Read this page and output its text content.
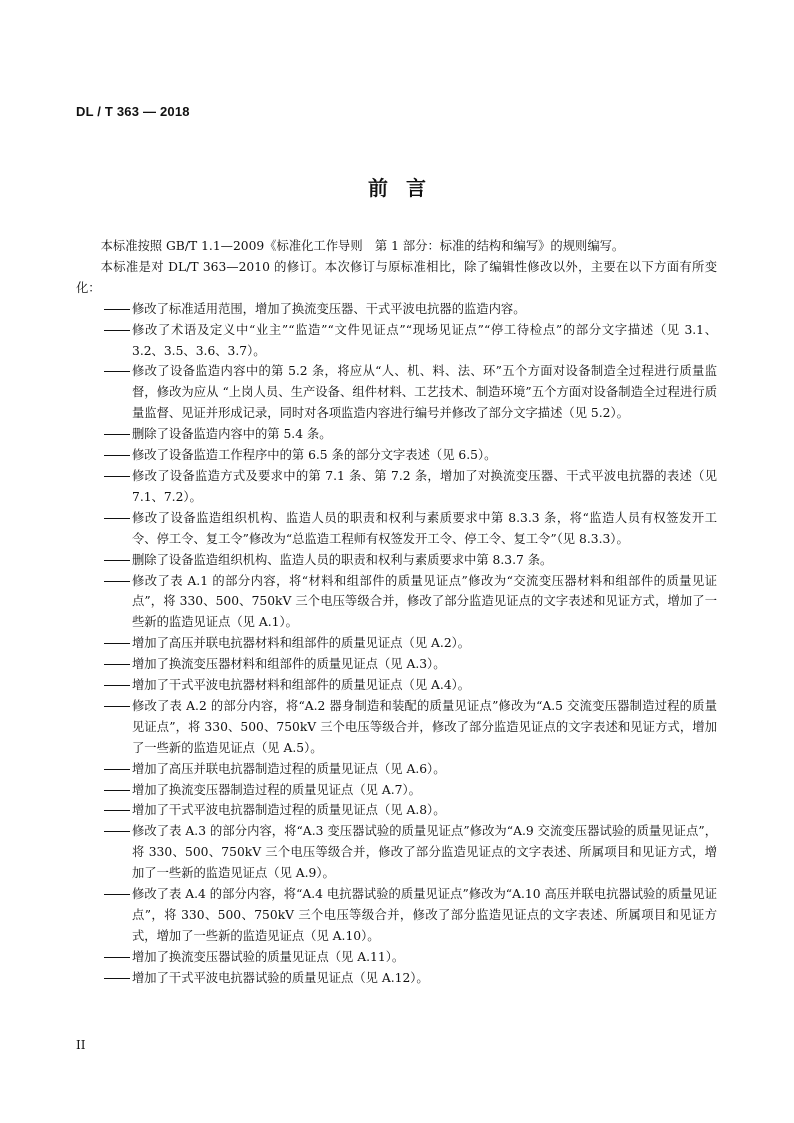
DL / T 363 — 2018
前言

本标准按照 GB/T 1.1—2009《标准化工作导则　第 1 部分：标准的结构和编写》的规则编写。

本标准是对 DL/T 363—2010 的修订。本次修订与原标准相比，除了编辑性修改以外，主要在以下方面有所变化：

修改了标准适用范围，增加了换流变压器、干式平波电抗器的监造内容。
修改了术语及定义中“业主”“监造”“文件见证点”“现场见证点”“停工待检点”的部分文字描述（见 3.1、3.2、3.5、3.6、3.7）。
修改了设备监造内容中的第 5.2 条，将应从“人、机、料、法、环”五个方面对设备制造全过程进行质量监督，修改为应从 “上岗人员、生产设备、组件材料、工艺技术、制造环境”五个方面对设备制造全过程进行质量监督、见证并形成记录，同时对各项监造内容进行编号并修改了部分文字描述（见 5.2）。
删除了设备监造内容中的第 5.4 条。
修改了设备监造工作程序中的第 6.5 条的部分文字表述（见 6.5）。
修改了设备监造方式及要求中的第 7.1 条、第 7.2 条，增加了对换流变压器、干式平波电抗器的表述（见 7.1、7.2）。
修改了设备监造组织机构、监造人员的职责和权利与素质要求中第 8.3.3 条，将“监造人员有权签发开工令、停工令、复工令”修改为“总监造工程师有权签发开工令、停工令、复工令”（见 8.3.3）。
删除了设备监造组织机构、监造人员的职责和权利与素质要求中第 8.3.7 条。
修改了表 A.1 的部分内容，将“材料和组部件的质量见证点”修改为“交流变压器材料和组部件的质量见证点”，将 330、500、750kV 三个电压等级合并，修改了部分监造见证点的文字表述和见证方式，增加了一些新的监造见证点（见 A.1）。
增加了高压并联电抗器材料和组部件的质量见证点（见 A.2）。
增加了换流变压器材料和组部件的质量见证点（见 A.3）。
增加了干式平波电抗器材料和组部件的质量见证点（见 A.4）。
修改了表 A.2 的部分内容，将“A.2 器身制造和装配的质量见证点”修改为“A.5 交流变压器制造过程的质量见证点”，将 330、500、750kV 三个电压等级合并，修改了部分监造见证点的文字表述和见证方式，增加了一些新的监造见证点（见 A.5）。
增加了高压并联电抗器制造过程的质量见证点（见 A.6）。
增加了换流变压器制造过程的质量见证点（见 A.7）。
增加了干式平波电抗器制造过程的质量见证点（见 A.8）。
修改了表 A.3 的部分内容，将“A.3 变压器试验的质量见证点”修改为“A.9 交流变压器试验的质量见证点”，将 330、500、750kV 三个电压等级合并，修改了部分监造见证点的文字表述、所属项目和见证方式，增加了一些新的监造见证点（见 A.9）。
修改了表 A.4 的部分内容，将“A.4 电抗器试验的质量见证点”修改为“A.10 高压并联电抗器试验的质量见证点”，将 330、500、750kV 三个电压等级合并，修改了部分监造见证点的文字表述、所属项目和见证方式，增加了一些新的监造见证点（见 A.10）。
增加了换流变压器试验的质量见证点（见 A.11）。
增加了干式平波电抗器试验的质量见证点（见 A.12）。
II
